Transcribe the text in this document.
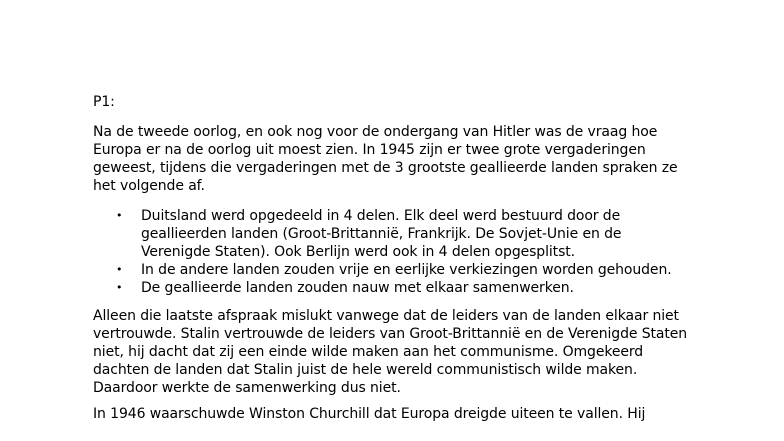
P1:

Na de tweede oorlog, en ook nog voor de ondergang van Hitler was de vraag hoe Europa er na de oorlog uit moest zien. In 1945 zijn er twee grote vergaderingen geweest, tijdens die vergaderingen met de 3 grootste geallieerde landen spraken ze het volgende af.

• Duitsland werd opgedeeld in 4 delen. Elk deel werd bestuurd door de geallieerden landen (Groot-Brittannië, Frankrijk. De Sovjet-Unie en de Verenigde Staten). Ook Berlijn werd ook in 4 delen opgesplitst.
• In de andere landen zouden vrije en eerlijke verkiezingen worden gehouden.
• De geallieerde landen zouden nauw met elkaar samenwerken.

Alleen die laatste afspraak mislukt vanwege dat de leiders van de landen elkaar niet vertrouwde. Stalin vertrouwde de leiders van Groot-Brittannië en de Verenigde Staten niet, hij dacht dat zij een einde wilde maken aan het communisme. Omgekeerd dachten de landen dat Stalin juist de hele wereld communistisch wilde maken. Daardoor werkte de samenwerking dus niet.

In 1946 waarschuwde Winston Churchill dat Europa dreigde uiteen te vallen. Hij
